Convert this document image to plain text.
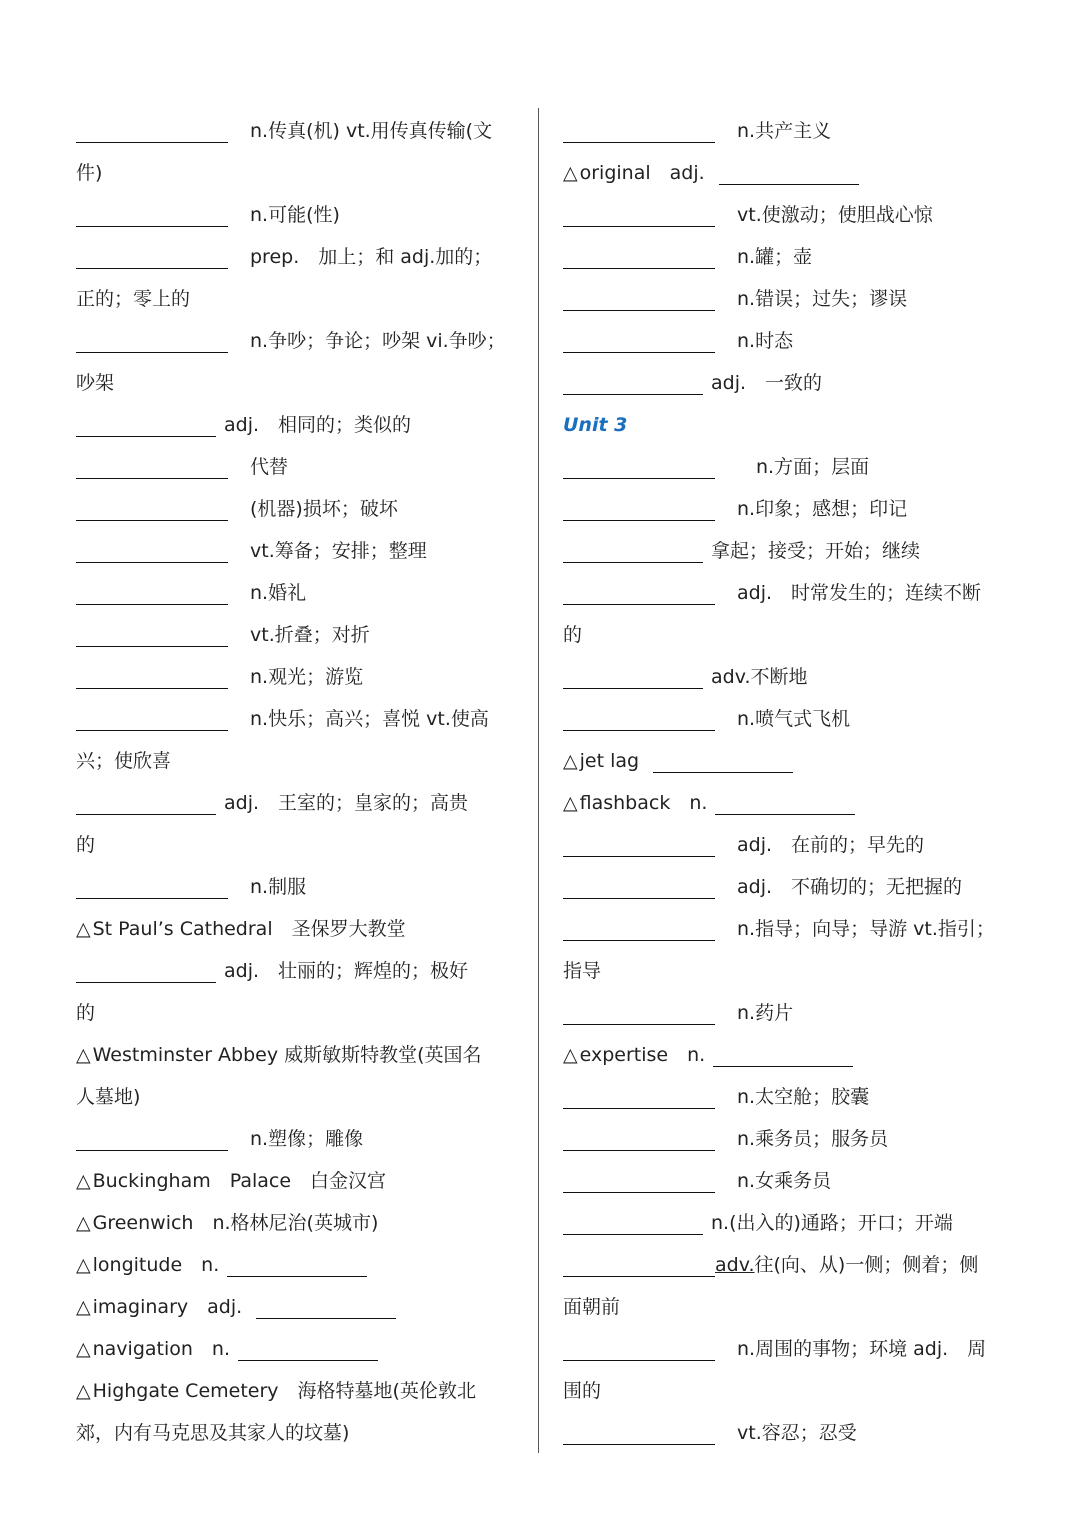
n.传真(机) vt.用传真传输(文
件)
n.可能(性)
prep.　加上；和 adj.加的；
正的；零上的
n.争吵；争论；吵架 vi.争吵；
吵架
adj.　相同的；类似的
代替
(机器)损坏；破坏
vt.筹备；安排；整理
n.婚礼
vt.折叠；对折
n.观光；游览
n.快乐；高兴；喜悦 vt.使高
兴；使欣喜
adj.　王室的；皇家的；高贵
的
n.制服
△ St Paul’s Cathedral　圣保罗大教堂
adj.　壮丽的；辉煌的；极好
的
△ Westminster Abbey 威斯敏斯特教堂(英国名
人墓地)
n.塑像；雕像
△ Buckingham　Palace　白金汉宫
△ Greenwich　n.格林尼治(英城市)
△ longitude　n.
△ imaginary　adj.
△ navigation　n.
△ Highgate Cemetery　海格特墓地(英伦敦北
郊，内有马克思及其家人的坟墓)
n.共产主义
△ original　adj.
vt.使激动；使胆战心惊
n.罐；壶
n.错误；过失；谬误
n.时态
adj.　一致的
Unit 3
　n.方面；层面
n.印象；感想；印记
拿起；接受；开始；继续
adj.　时常发生的；连续不断
的
adv.不断地
n.喷气式飞机
△ jet lag
△ flashback　n.
adj.　在前的；早先的
adj.　不确切的；无把握的
n.指导；向导；导游 vt.指引；
指导
n.药片
△ expertise　n.
n.太空舱；胶囊
n.乘务员；服务员
n.女乘务员
n.(出入的)通路；开口；开端
adv.往(向、从)一侧；侧着；侧
面朝前
n.周围的事物；环境 adj.　周
围的
vt.容忍；忍受
